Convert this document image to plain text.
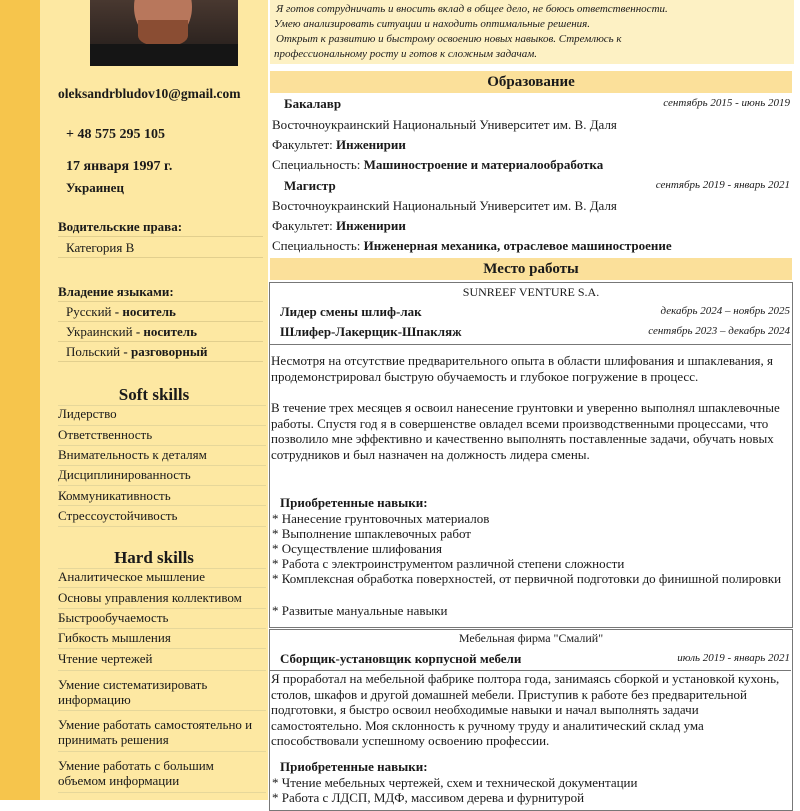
oleksandrbludov10@gmail.com
+ 48 575 295 105
17 января 1997 г.
Украинец
Водительские права:
Категория В
Владение языками:
Русский - носитель
Украинский - носитель
Польский - разговорный
Soft skills
Лидерство
Ответственность
Внимательность к деталям
Дисциплинированность
Коммуникативность
Стрессоустойчивость
Hard skills
Аналитическое мышление
Основы управления коллективом
Быстрообучаемость
Гибкость мышления
Чтение чертежей
Умение систематизировать информацию
Умение работать самостоятельно и принимать решения
Умение работать с большим объемом информации

Я готов сотрудничать и вносить вклад в общее дело, не боюсь ответственности.

Умею анализировать ситуации и находить оптимальные решения.

Открыт к развитию и быстрому освоению новых навыков. Стремлюсь к

профессиональному росту и готов к сложным задачам.

Образование
Бакалавр	сентябрь 2015 - июнь 2019
Восточноукраинский Национальный Университет им. В. Даля
Факультет: Инженирии
Специальность: Машиностроение и материалообработка
Магистр	сентябрь 2019 - январь 2021
Восточноукраинский Национальный Университет им. В. Даля
Факультет: Инженирии
Специальность: Инженерная механика, отраслевое машиностроение
Место работы
SUNREEF VENTURE S.A.
Лидер смены шлиф-лак	декабрь 2024 – ноябрь 2025
Шлифер-Лакерщик-Шпакляж	сентябрь 2023 – декабрь 2024
Несмотря на отсутствие предварительного опыта в области шлифования и шпаклевания, я продемонстрировал быструю обучаемость и глубокое погружение в процесс.
В течение трех месяцев я освоил нанесение грунтовки и уверенно выполнял шпаклевочные работы. Спустя год я в совершенстве овладел всеми производственными процессами, что позволило мне эффективно и качественно выполнять поставленные задачи, обучать новых сотрудников и был назначен на должность лидера смены.
Приобретенные навыки:
* Нанесение грунтовочных материалов
* Выполнение шпаклевочных работ
* Осуществление шлифования
* Работа с электроинструментом различной степени сложности
* Комплексная обработка поверхностей, от первичной подготовки до финишной полировки
* Развитые мануальные навыки
Мебельная фирма "Смалий"
Сборщик-установщик корпусной мебели	июль 2019 - январь 2021
Я проработал на мебельной фабрике полтора года, занимаясь сборкой и установкой кухонь, столов, шкафов и другой домашней мебели. Приступив к работе без предварительной подготовки, я быстро освоил необходимые навыки и начал выполнять задачи самостоятельно. Моя склонность к ручному труду и аналитический склад ума способствовали успешному освоению профессии.
Приобретенные навыки:
* Чтение мебельных чертежей, схем и технической документации
* Работа с ЛДСП, МДФ, массивом дерева и фурнитурой
